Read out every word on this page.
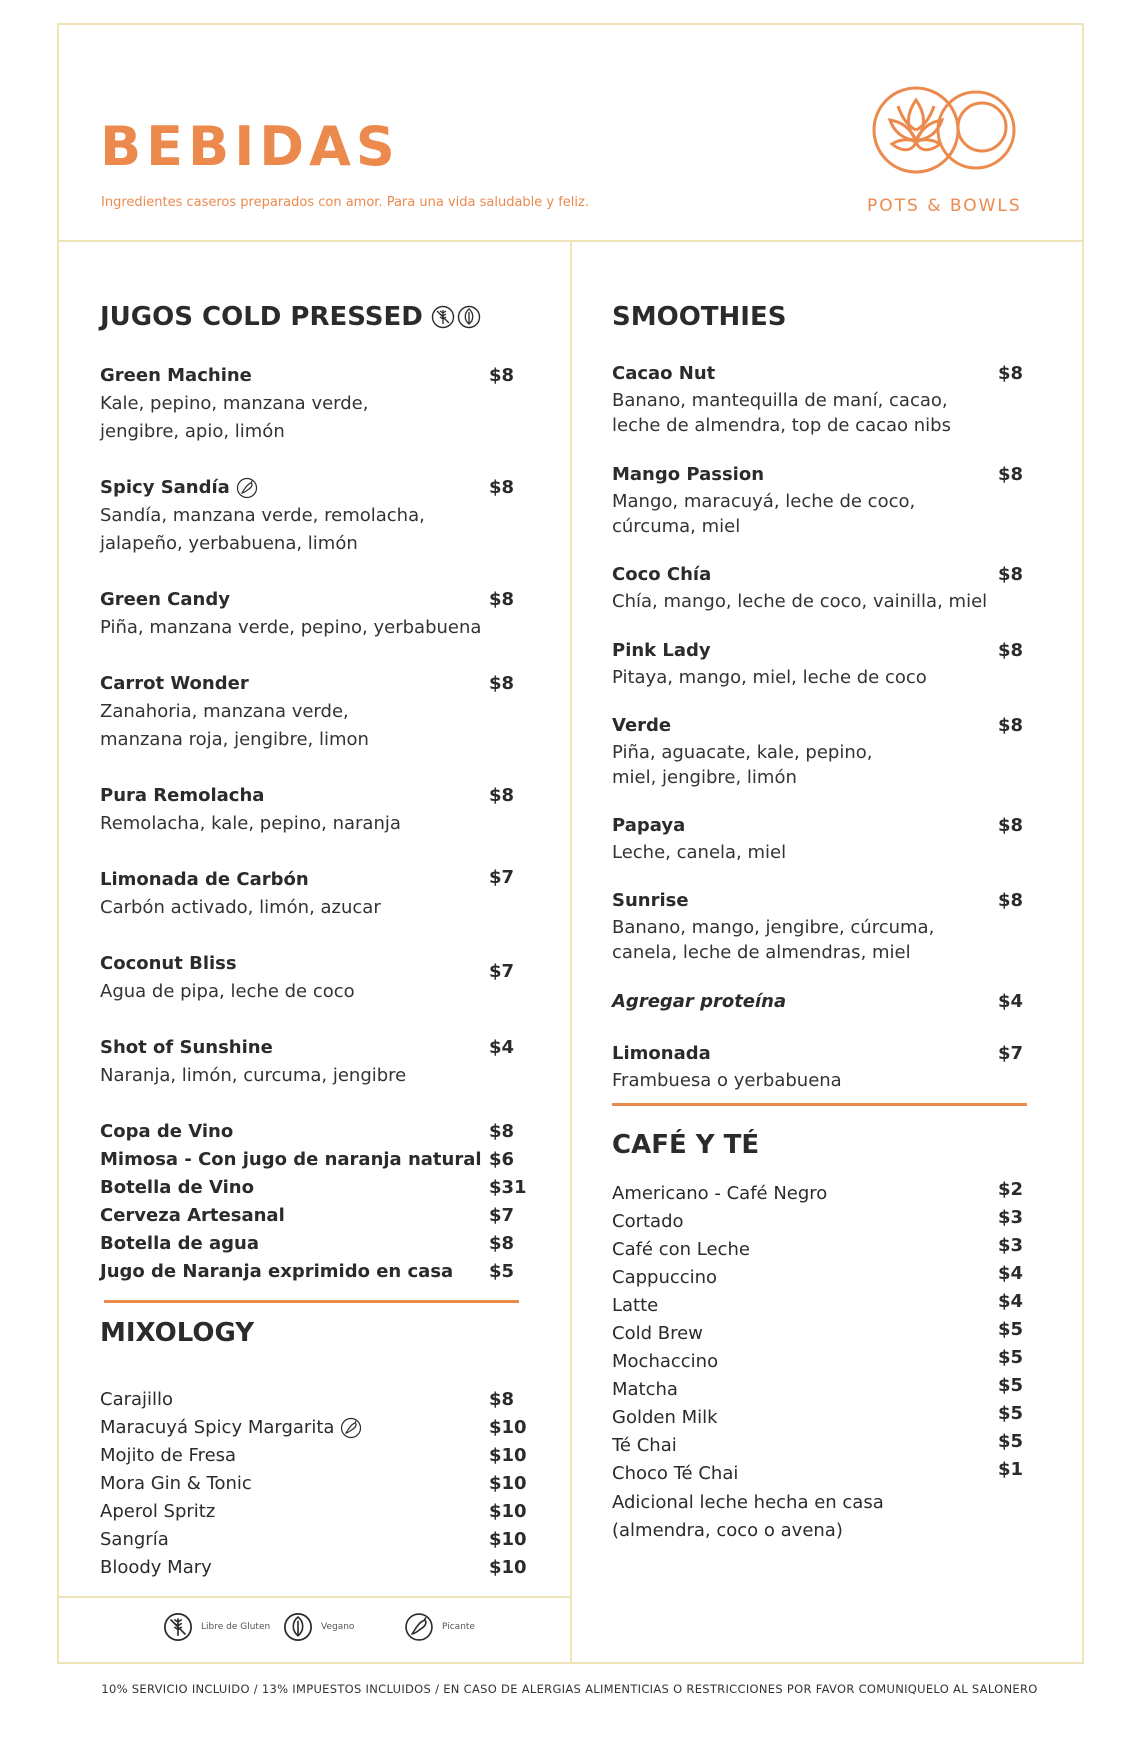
BEBIDAS
Ingredientes caseros preparados con amor. Para una vida saludable y feliz.	POTS & BOWLS
JUGOS COLD PRESSED
Green Machine
Kale, pepino, manzana verde,
jengibre, apio, limón
$8
Spicy Sandía
Sandía, manzana verde, remolacha,
jalapeño, yerbabuena, limón
$8
Green Candy
Piña, manzana verde, pepino, yerbabuena
$8
Carrot Wonder
Zanahoria, manzana verde,
manzana roja, jengibre, limon
$8
Pura Remolacha
Remolacha, kale, pepino, naranja
$8
Limonada de Carbón
Carbón activado, limón, azucar
$7
Coconut Bliss
Agua de pipa, leche de coco
$7
Shot of Sunshine
Naranja, limón, curcuma, jengibre
$4
Copa de Vino	$8
Mimosa - Con jugo de naranja natural $6
Botella de Vino	$31
Cerveza Artesanal	$7
Botella de agua	$8
Jugo de Naranja exprimido en casa	$5
MIXOLOGY
Carajillo	$8
Maracuyá Spicy Margarita	$10
Mojito de Fresa	$10
Mora Gin & Tonic	$10
Aperol Spritz	$10
Sangría	$10
Bloody Mary	$10
SMOOTHIES
Cacao Nut
Banano, mantequilla de maní, cacao,
leche de almendra, top de cacao nibs
$8
Mango Passion
Mango, maracuyá, leche de coco,
cúrcuma, miel
$8
Coco Chía
Chía, mango, leche de coco, vainilla, miel
$8
Pink Lady
Pitaya, mango, miel, leche de coco
$8
Verde
Piña, aguacate, kale, pepino,
miel, jengibre, limón
$8
Papaya
Leche, canela, miel
$8
Sunrise
Banano, mango, jengibre, cúrcuma,
canela, leche de almendras, miel
$8
Agregar proteína	$4
Limonada
Frambuesa o yerbabuena
$7
CAFÉ Y TÉ
Americano - Café Negro	$2
Cortado	$3
Café con Leche	$3
Cappuccino	$4
Latte	$4
Cold Brew	$5
Mochaccino	$5
Matcha	$5
Golden Milk	$5
Té Chai	$5
Choco Té Chai	$1
Adicional leche hecha en casa
(almendra, coco o avena)
Libre de Gluten	Vegano	Picante
10% SERVICIO INCLUIDO / 13% IMPUESTOS INCLUIDOS / EN CASO DE ALERGIAS ALIMENTICIAS O RESTRICCIONES POR FAVOR COMUNIQUELO AL SALONERO
